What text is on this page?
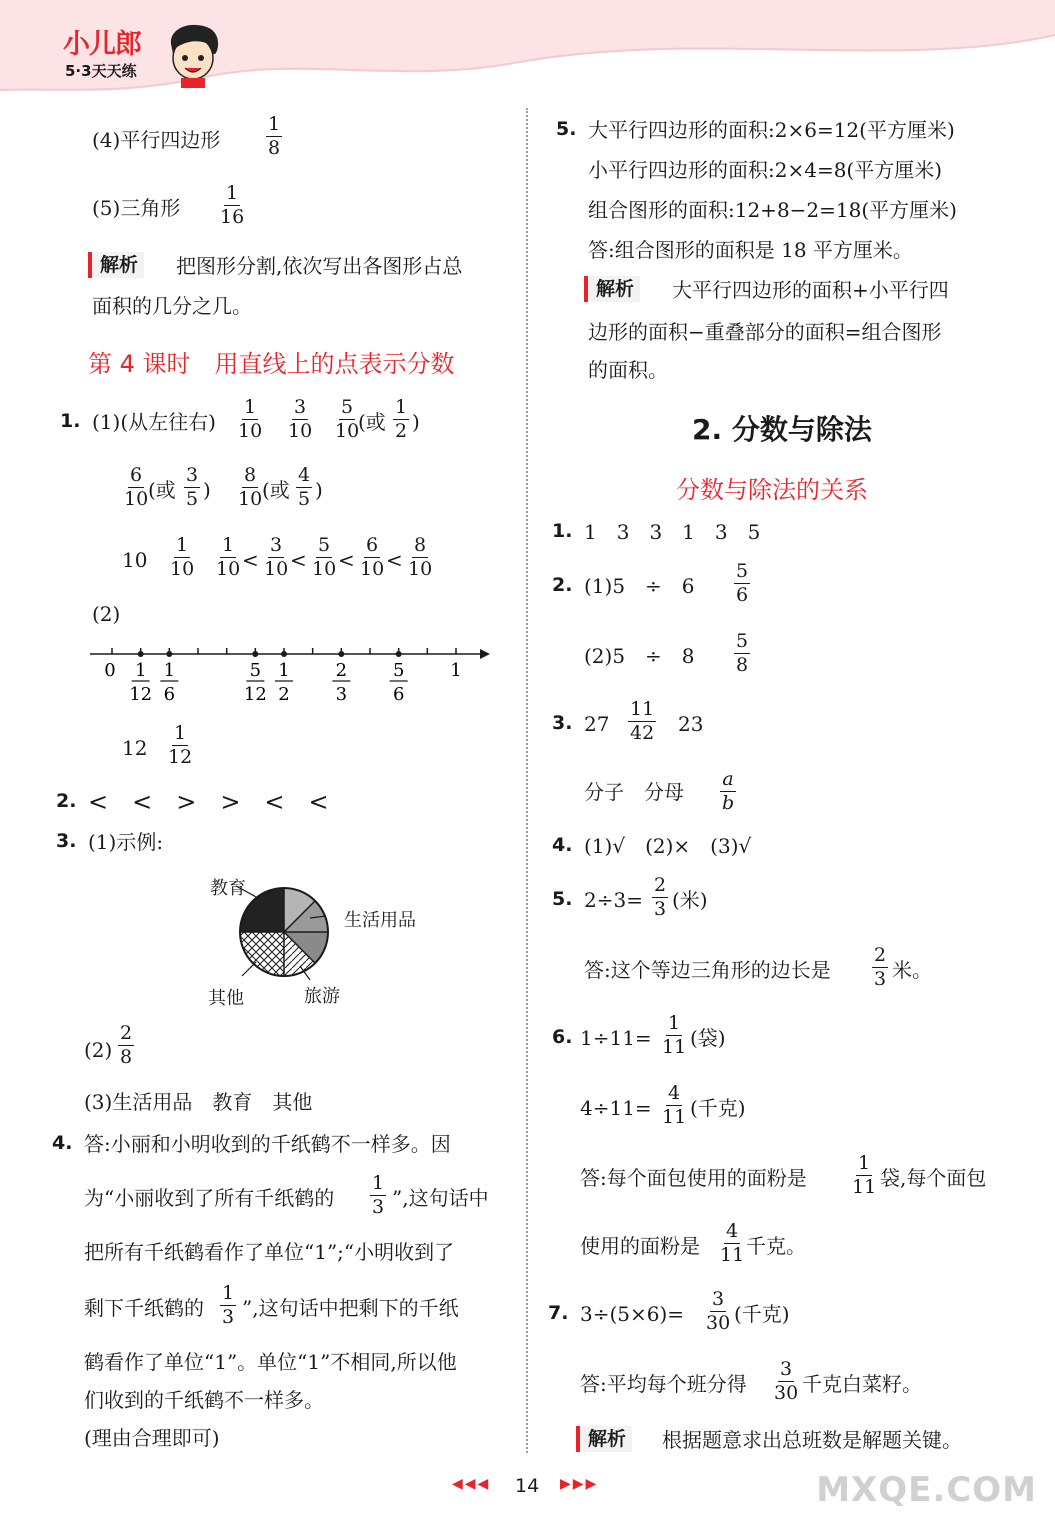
小儿郎
5·3天天练
(4)平行四边形 $\frac{1}{8}$
(5)三角形 $\frac{1}{16}$
解析	把图形分割,依次写出各图形占总
面积的几分之几。
第 4 课时　用直线上的点表示分数
1. (1)(从左往右) $\frac{1}{10} \frac{3}{10} \frac{5}{10}$
(或 $\frac{1}{2}$ )
$\frac{6}{10}$
(或 $\frac{3}{5}$ ) $\frac{8}{10}$
(或 $\frac{4}{5}$ )
$10 \frac{1}{10} \frac{1}{10} < \frac{3}{10} < \frac{5}{10} < \frac{6}{10} < \frac{8}{10}$
(2)
0	1
1
12
1
6
5
12
1
2
2
3
5
6
$12 \frac{1}{12}$
2. <　<　>　>　<　<
3. (1)示例:
教育
生活用品
其他	旅游
$(2) \frac{2}{8}$
(3)生活用品　教育　其他
4. 答:小丽和小明收到的千纸鹤不一样多。因
为“小丽收到了所有千纸鹤的 $\frac{1}{3}$ ”,这句话中
把所有千纸鹤看作了单位“1”;“小明收到了
剩下千纸鹤的 $\frac{1}{3}$ ”,这句话中把剩下的千纸
鹤看作了单位“1”。单位“1”不相同,所以他
们收到的千纸鹤不一样多。
(理由合理即可)
5. 大平行四边形的面积:2×6=12(平方厘米)
小平行四边形的面积:2×4=8(平方厘米)
组合图形的面积:12+8−2=18(平方厘米)
答:组合图形的面积是 18 平方厘米。
解析	大平行四边形的面积+小平行四
边形的面积−重叠部分的面积=组合图形
的面积。
2. 分数与除法
分数与除法的关系
1. 1　3　3　1　3　5
2. (1)5　÷　$6 \frac{5}{6}$
(2)5　÷　$8 \frac{5}{8}$
3. $27 \frac{11}{42} 23$
分子　分母 $\frac{a}{b}$
4. (1)√　(2)×　(3)√
5. $2\div 3= \frac{2}{3}$ (米)
答:这个等边三角形的边长是 $\frac{2}{3}$ 米。
6. $1\div 11= \frac{1}{11}$ (袋)
$4\div 11= \frac{4}{11}$ (千克)
答:每个面包使用的面粉是 $\frac{1}{11}$ 袋,每个面包
使用的面粉是 $\frac{4}{11}$ 千克。
7. $3\div(5\times 6)= \frac{3}{30}$ (千克)
答:平均每个班分得 $\frac{3}{30}$ 千克白菜籽。
解析	根据题意求出总班数是解题关键。
◀◀◀ 14 ▶▶▶	MXQE.COM
